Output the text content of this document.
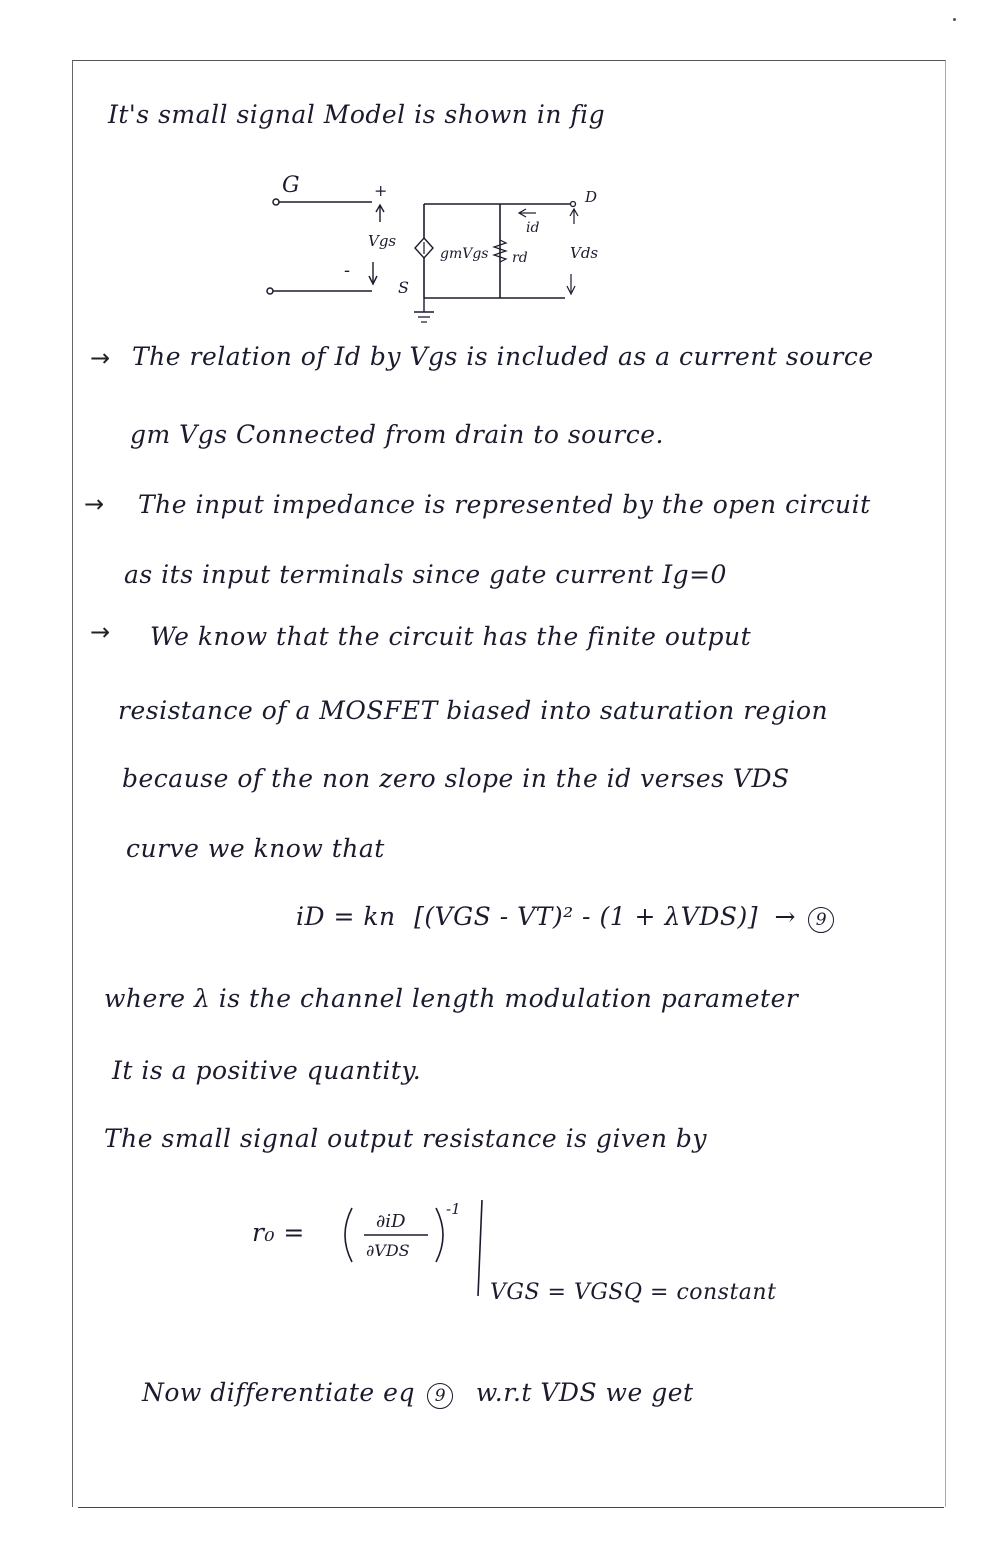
It's small signal Model is shown in fig
G	+
Vgs
-
S
gmVgs rd
id
D
Vds
→ The relation of Id by Vgs is included as a current source
gm Vgs Connected from drain to source.
→ The input impedance is represented by the open circuit
as its input terminals since gate current Ig=0
→ We know that the circuit has the finite output
resistance of a MOSFET biased into saturation region
because of the non zero slope in the id verses VDS
curve we know that
iD = kn [(VGS - VT)² - (1 + λVDS)] → 9
where λ is the channel length modulation parameter
It is a positive quantity.
The small signal output resistance is given by
r₀ =	∂iD
∂VDS
-1
VGS = VGSQ = constant
Now differentiate eq 9 w.r.t VDS we get
